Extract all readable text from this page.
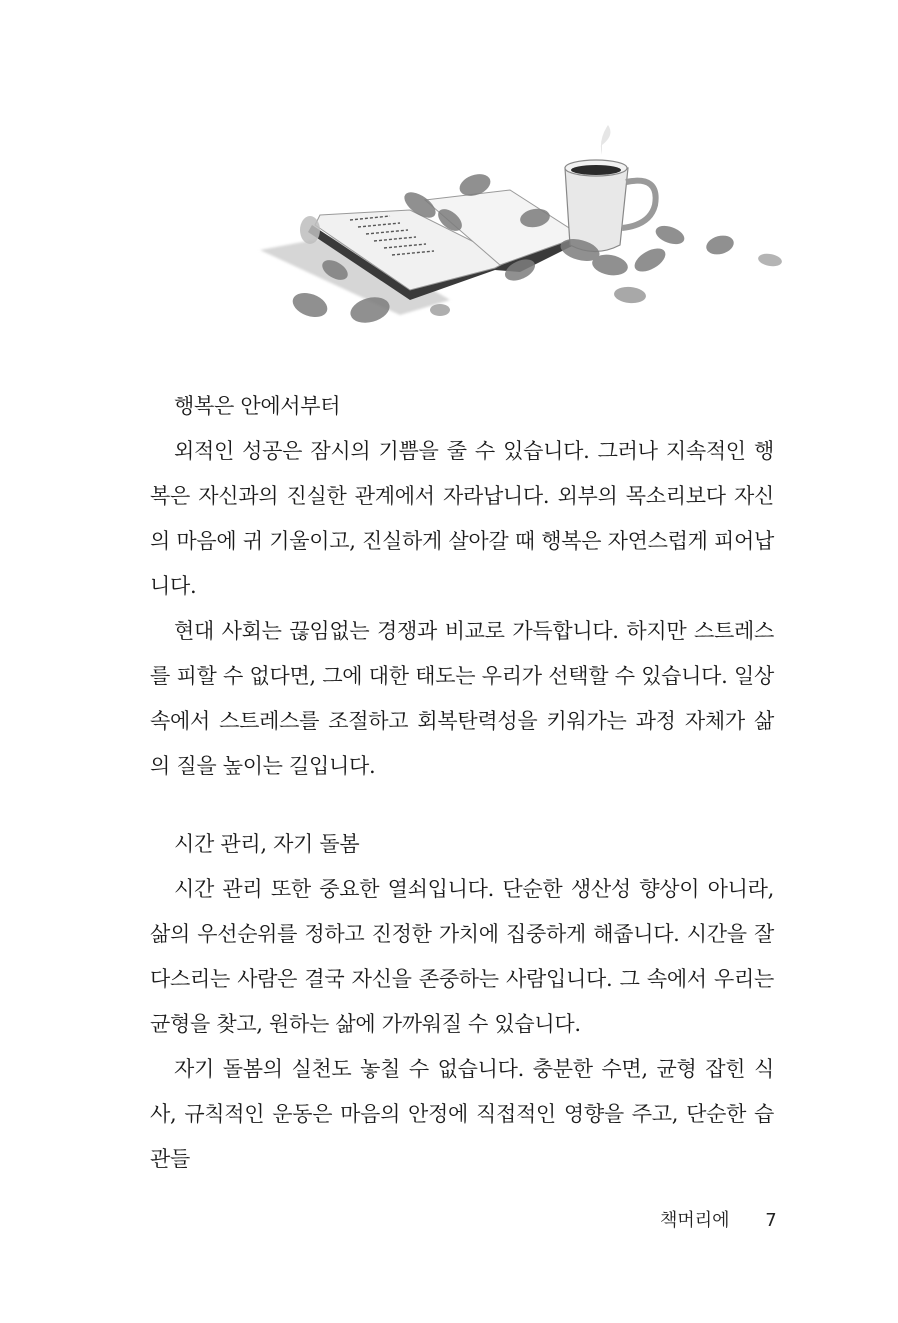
행복은 안에서부터

외적인 성공은 잠시의 기쁨을 줄 수 있습니다. 그러나 지속적인 행복은 자신과의 진실한 관계에서 자라납니다. 외부의 목소리보다 자신의 마음에 귀 기울이고, 진실하게 살아갈 때 행복은 자연스럽게 피어납니다.

현대 사회는 끊임없는 경쟁과 비교로 가득합니다. 하지만 스트레스를 피할 수 없다면, 그에 대한 태도는 우리가 선택할 수 있습니다. 일상 속에서 스트레스를 조절하고 회복탄력성을 키워가는 과정 자체가 삶의 질을 높이는 길입니다.

시간 관리, 자기 돌봄

시간 관리 또한 중요한 열쇠입니다. 단순한 생산성 향상이 아니라, 삶의 우선순위를 정하고 진정한 가치에 집중하게 해줍니다. 시간을 잘 다스리는 사람은 결국 자신을 존중하는 사람입니다. 그 속에서 우리는 균형을 찾고, 원하는 삶에 가까워질 수 있습니다.

자기 돌봄의 실천도 놓칠 수 없습니다. 충분한 수면, 균형 잡힌 식사, 규칙적인 운동은 마음의 안정에 직접적인 영향을 주고, 단순한 습관들

책머리에 7
